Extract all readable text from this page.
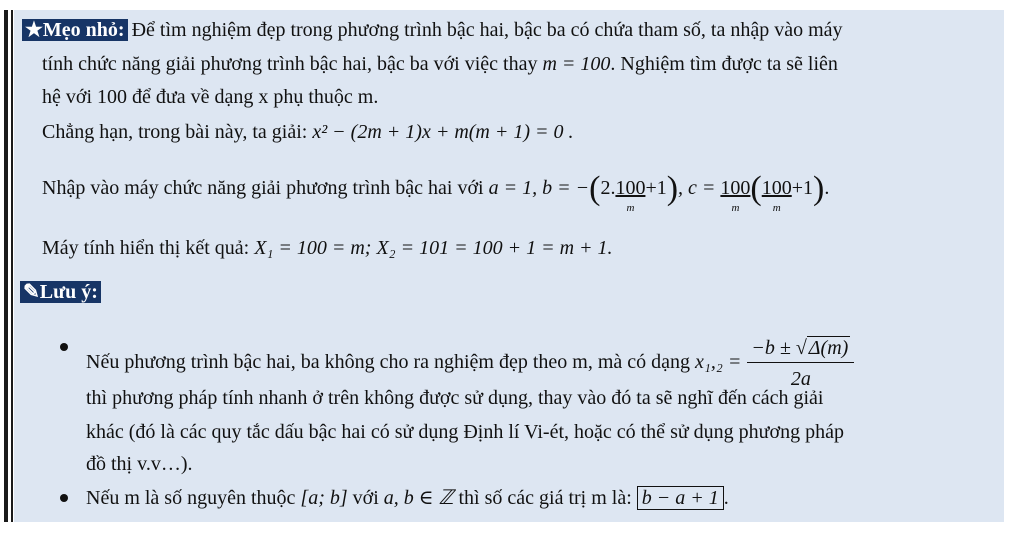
★Mẹo nhỏ: Để tìm nghiệm đẹp trong phương trình bậc hai, bậc ba có chứa tham số, ta nhập vào máy
tính chức năng giải phương trình bậc hai, bậc ba với việc thay m = 100. Nghiệm tìm được ta sẽ liên
hệ với 100 để đưa về dạng x phụ thuộc m.
Chẳng hạn, trong bài này, ta giải: x² − (2m + 1)x + m(m + 1) = 0 .
Nhập vào máy chức năng giải phương trình bậc hai với a = 1, b = −(2.100
m
+1), c = 100
m
(100
m
+1).
Máy tính hiển thị kết quả: X₁ = 100 = m; X₂ = 101 = 100 + 1 = m + 1.
✎Lưu ý:
Nếu phương trình bậc hai, ba không cho ra nghiệm đẹp theo m, mà có dạng $x_1,_2 = \frac{-b \pm √ \Delta(m)}{2a}$
thì phương pháp tính nhanh ở trên không được sử dụng, thay vào đó ta sẽ nghĩ đến cách giải
khác (đó là các quy tắc dấu bậc hai có sử dụng Định lí Vi-ét, hoặc có thể sử dụng phương pháp
đồ thị v.v…).
Nếu m là số nguyên thuộc [a; b] với a, b ∈ ℤ thì số các giá trị m là: b − a + 1 .
